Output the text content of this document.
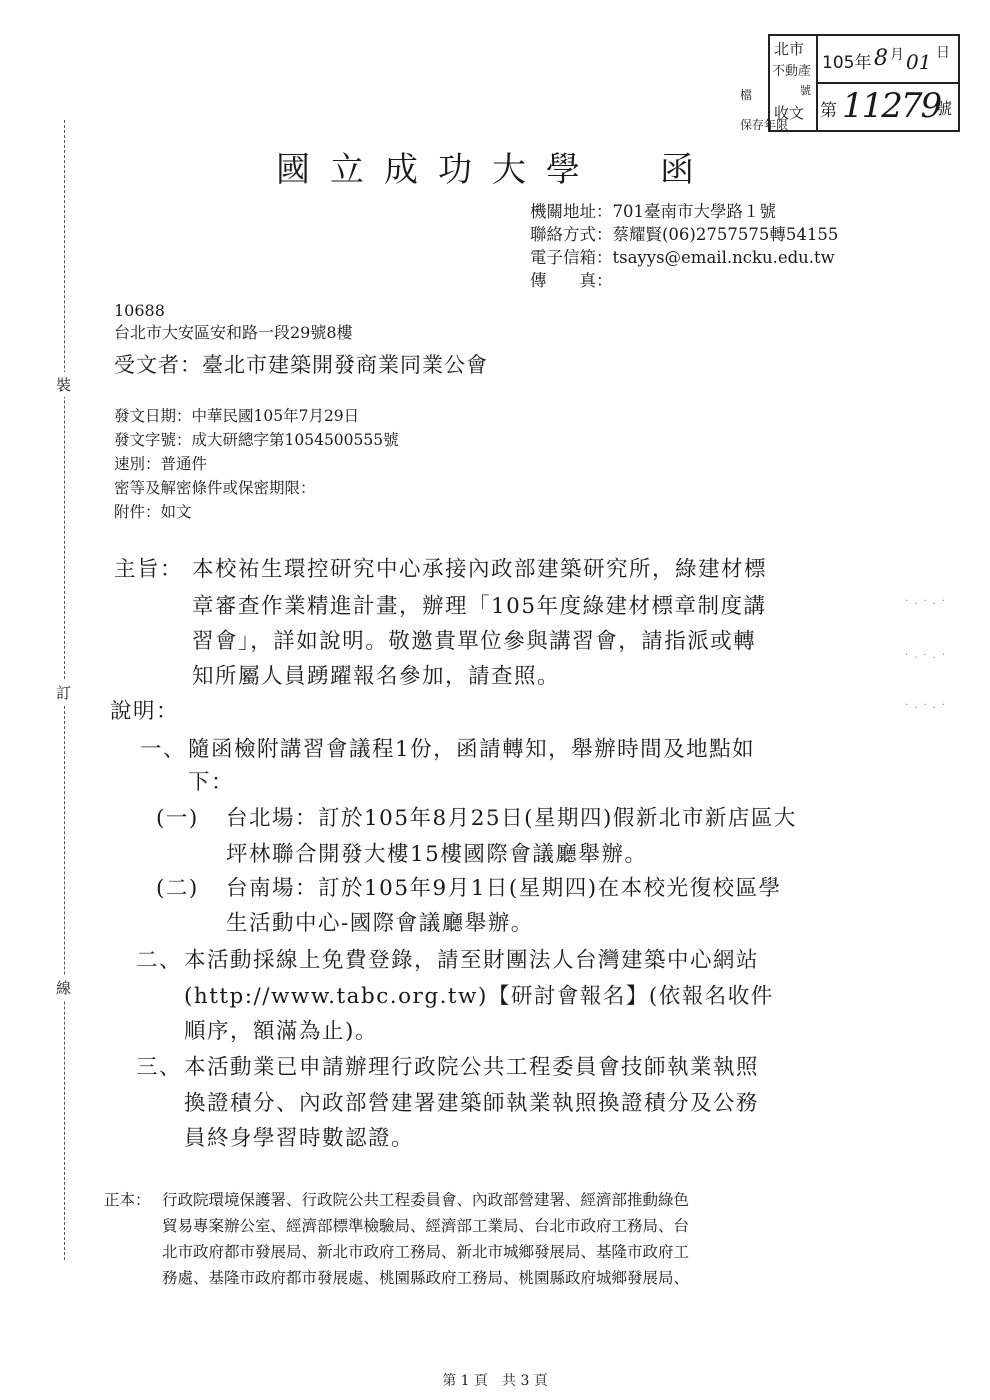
裝
訂
線
·.·.·
·.·.·
·.·.·
檔
保存年限
北市
不動產
號
收文
105年 8 月 01 日
第 11279
號
國立成功大學 函
機關地址：701臺南市大學路１號
聯絡方式：蔡耀賢(06)2757575轉54155
電子信箱：tsayys@email.ncku.edu.tw
傳　　真：
10688
台北市大安區安和路一段29號8樓
受文者：臺北市建築開發商業同業公會
發文日期：中華民國105年7月29日
發文字號：成大研總字第1054500555號
速別：普通件
密等及解密條件或保密期限：
附件：如文
主旨： 本校祐生環控研究中心承接內政部建築研究所，綠建材標
章審查作業精進計畫，辦理「105年度綠建材標章制度講
習會」，詳如說明。敬邀貴單位參與講習會，請指派或轉
知所屬人員踴躍報名參加，請查照。
說明：
一、 隨函檢附講習會議程1份，函請轉知，舉辦時間及地點如
下：
(一) 台北場：訂於105年8月25日(星期四)假新北市新店區大
坪林聯合開發大樓15樓國際會議廳舉辦。
(二) 台南場：訂於105年9月1日(星期四)在本校光復校區學
生活動中心-國際會議廳舉辦。
二、 本活動採線上免費登錄，請至財團法人台灣建築中心網站
(http://www.tabc.org.tw)【研討會報名】(依報名收件
順序，額滿為止)。
三、 本活動業已申請辦理行政院公共工程委員會技師執業執照
換證積分、內政部營建署建築師執業執照換證積分及公務
員終身學習時數認證。
正本： 行政院環境保護署、行政院公共工程委員會、內政部營建署、經濟部推動綠色
貿易專案辦公室、經濟部標準檢驗局、經濟部工業局、台北市政府工務局、台
北市政府都市發展局、新北市政府工務局、新北市城鄉發展局、基隆市政府工
務處、基隆市政府都市發展處、桃園縣政府工務局、桃園縣政府城鄉發展局、
第 1 頁　共 3 頁
